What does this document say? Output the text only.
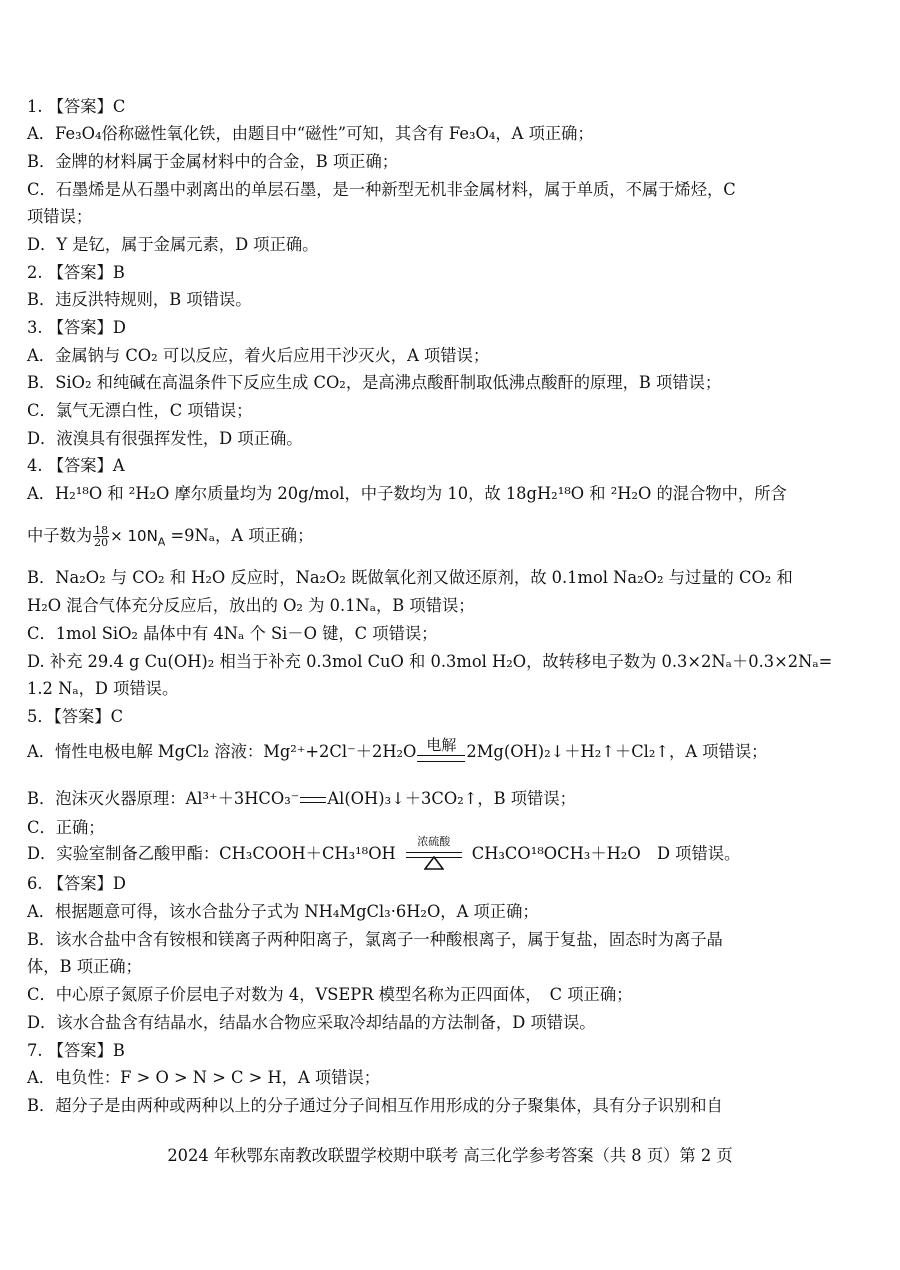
1. 【答案】C
A．Fe₃O₄俗称磁性氧化铁，由题目中“磁性”可知，其含有 Fe₃O₄，A 项正确；
B．金牌的材料属于金属材料中的合金，B 项正确；
C．石墨烯是从石墨中剥离出的单层石墨，是一种新型无机非金属材料，属于单质，不属于烯烃，C
项错误；
D．Y 是钇，属于金属元素，D 项正确。
2. 【答案】B
B．违反洪特规则，B 项错误。
3. 【答案】D
A．金属钠与 CO₂ 可以反应，着火后应用干沙灭火，A 项错误；
B．SiO₂ 和纯碱在高温条件下反应生成 CO₂，是高沸点酸酐制取低沸点酸酐的原理，B 项错误；
C．氯气无漂白性，C 项错误；
D．液溴具有很强挥发性，D 项正确。
4. 【答案】A
A．H₂¹⁸O 和 ²H₂O 摩尔质量均为 20g/mol，中子数均为 10，故 18gH₂¹⁸O 和 ²H₂O 的混合物中，所含
中子数为 $\frac{18}{20} \times 10N_A =9N_a$，A 项正确；
B．Na₂O₂ 与 CO₂ 和 H₂O 反应时，Na₂O₂ 既做氧化剂又做还原剂，故 0.1mol Na₂O₂ 与过量的 CO₂ 和
H₂O 混合气体充分反应后，放出的 O₂ 为 0.1Nₐ，B 项错误；
C．1mol SiO₂ 晶体中有 4Nₐ 个 Si－O 键，C 项错误；
D. 补充 29.4 g Cu(OH)₂ 相当于补充 0.3mol CuO 和 0.3mol H₂O，故转移电子数为 0.3×2Nₐ＋0.3×2Nₐ=
1.2 Nₐ，D 项错误。
5．【答案】C
A．惰性电极电解 MgCl₂ 溶液：Mg²⁺+2Cl⁻＋2H₂O 电解 2Mg(OH)₂↓＋H₂↑＋Cl₂↑，A 项错误；
B．泡沫灭火器原理：Al³⁺＋3HCO₃⁻ Al(OH)₃↓＋3CO₂↑，B 项错误；
C．正确；
D．实验室制备乙酸甲酯：CH₃COOH＋CH₃¹⁸OH
浓硫酸
CH₃CO¹⁸OCH₃＋H₂O　D 项错误。
6. 【答案】D
A．根据题意可得，该水合盐分子式为 NH₄MgCl₃·6H₂O，A 项正确；
B．该水合盐中含有铵根和镁离子两种阳离子，氯离子一种酸根离子，属于复盐，固态时为离子晶
体，B 项正确；
C．中心原子氮原子价层电子对数为 4，VSEPR 模型名称为正四面体，　C 项正确；
D．该水合盐含有结晶水，结晶水合物应采取冷却结晶的方法制备，D 项错误。
7. 【答案】B
A．电负性：F > O > N > C > H，A 项错误；
B．超分子是由两种或两种以上的分子通过分子间相互作用形成的分子聚集体，具有分子识别和自
2024 年秋鄂东南教改联盟学校期中联考 高三化学参考答案（共 8 页）第 2 页
